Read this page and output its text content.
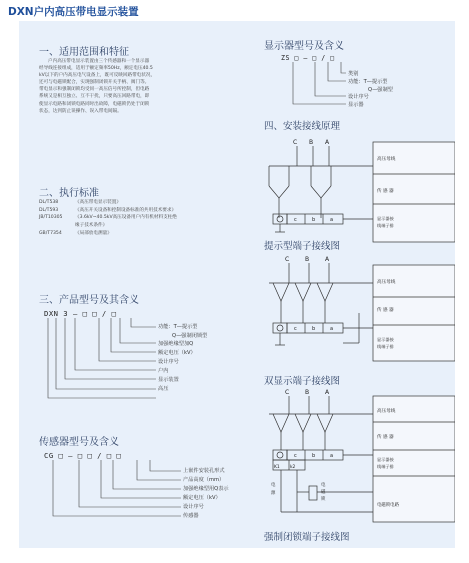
DXN户内高压带电显示装置
一、适用范围和特征
户内高压带电显示装置由三个传感器和一个显示器
经导线连接组成，适用于额定频率50Hz，额定电压40.5
kV以下的户内高压电气设备上，既可反映回路带电状况，
还可与电磁锁配合，实现强制闭锁开关手柄、阀门等。
带电显示和强制闭锁均受同一高压信号所控制，但电路
系统又是相互独立、互不干扰，只要高压回路带电，即
使显示电路和闭锁电路同时出故障，电磁锁仍处于闭锁
状态，达到防止误操作、误入带电间隔。
二、执行标准
DL/T538	《高压带电显示装置》
DL/T593	《高压开关设备和控制设备标准的共用技术要求》
JB/T10305	《3.6kV~40.5kV高压设备用户内有机材料支柱绝
缘子技术条件》
GB/T7354	《局部放电测量》
三、产品型号及其含义
DXN 3 — □ □ / □
功能：T—提示型
Q—强制闭锁型
加强绝缘型加Q
额定电压（kV）
设计序号
户内
显示装置
高压
传感器型号及含义
CG □ — □ □ / □ □
上嵌件安装孔形式
产品高度（mm）
加强绝缘型用Q表示
额定电压（kV）
设计序号
传感器
显示器型号及含义
ZS □ — □ / □
类别
功能：T—提示型
Q—强制型
设计序号
显示器
四、安装接线原理
C B A
c	b	a
高压母线
传 感 器
显示器接
线端子排
提示型端子接线图
C	B	A
c	b	a
高压母线
传 感 器
显示器接
线端子排
双显示端子接线图
C	B	A
c	b	a
K1 k2
电
源
电
磁
锁
高压母线
传 感 器
显示器接
线端子排
电磁锁电路
强制闭锁端子接线图
